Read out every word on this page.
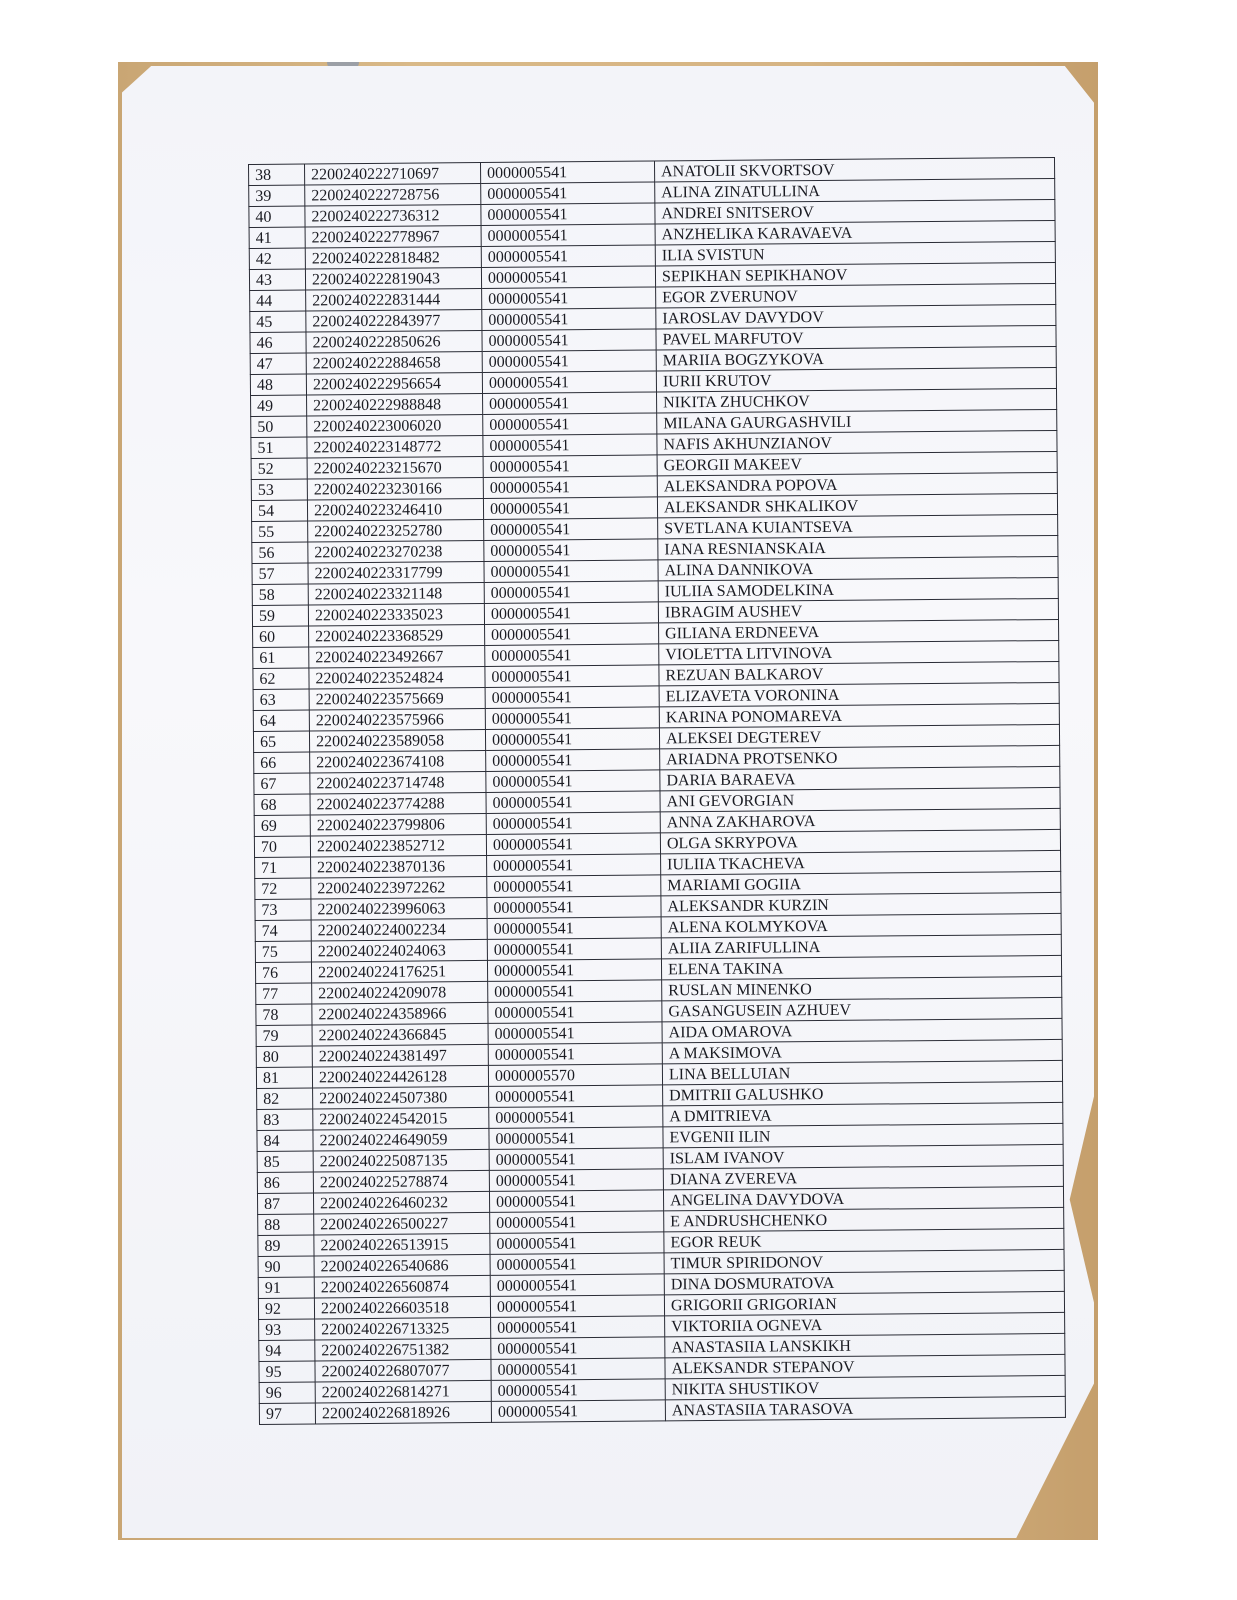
38	2200240222710697	0000005541	ANATOLII SKVORTSOV
39	2200240222728756	0000005541	ALINA ZINATULLINA
40	2200240222736312	0000005541	ANDREI SNITSEROV
41	2200240222778967	0000005541	ANZHELIKA KARAVAEVA
42	2200240222818482	0000005541	ILIA SVISTUN
43	2200240222819043	0000005541	SEPIKHAN SEPIKHANOV
44	2200240222831444	0000005541	EGOR ZVERUNOV
45	2200240222843977	0000005541	IAROSLAV DAVYDOV
46	2200240222850626	0000005541	PAVEL MARFUTOV
47	2200240222884658	0000005541	MARIIA BOGZYKOVA
48	2200240222956654	0000005541	IURII KRUTOV
49	2200240222988848	0000005541	NIKITA ZHUCHKOV
50	2200240223006020	0000005541	MILANA GAURGASHVILI
51	2200240223148772	0000005541	NAFIS AKHUNZIANOV
52	2200240223215670	0000005541	GEORGII MAKEEV
53	2200240223230166	0000005541	ALEKSANDRA POPOVA
54	2200240223246410	0000005541	ALEKSANDR SHKALIKOV
55	2200240223252780	0000005541	SVETLANA KUIANTSEVA
56	2200240223270238	0000005541	IANA RESNIANSKAIA
57	2200240223317799	0000005541	ALINA DANNIKOVA
58	2200240223321148	0000005541	IULIIA SAMODELKINA
59	2200240223335023	0000005541	IBRAGIM AUSHEV
60	2200240223368529	0000005541	GILIANA ERDNEEVA
61	2200240223492667	0000005541	VIOLETTA LITVINOVA
62	2200240223524824	0000005541	REZUAN BALKAROV
63	2200240223575669	0000005541	ELIZAVETA VORONINA
64	2200240223575966	0000005541	KARINA PONOMAREVA
65	2200240223589058	0000005541	ALEKSEI DEGTEREV
66	2200240223674108	0000005541	ARIADNA PROTSENKO
67	2200240223714748	0000005541	DARIA BARAEVA
68	2200240223774288	0000005541	ANI GEVORGIAN
69	2200240223799806	0000005541	ANNA ZAKHAROVA
70	2200240223852712	0000005541	OLGA SKRYPOVA
71	2200240223870136	0000005541	IULIIA TKACHEVA
72	2200240223972262	0000005541	MARIAMI GOGIIA
73	2200240223996063	0000005541	ALEKSANDR KURZIN
74	2200240224002234	0000005541	ALENA KOLMYKOVA
75	2200240224024063	0000005541	ALIIA ZARIFULLINA
76	2200240224176251	0000005541	ELENA TAKINA
77	2200240224209078	0000005541	RUSLAN MINENKO
78	2200240224358966	0000005541	GASANGUSEIN AZHUEV
79	2200240224366845	0000005541	AIDA OMAROVA
80	2200240224381497	0000005541	A MAKSIMOVA
81	2200240224426128	0000005570	LINA BELLUIAN
82	2200240224507380	0000005541	DMITRII GALUSHKO
83	2200240224542015	0000005541	A DMITRIEVA
84	2200240224649059	0000005541	EVGENII ILIN
85	2200240225087135	0000005541	ISLAM IVANOV
86	2200240225278874	0000005541	DIANA ZVEREVA
87	2200240226460232	0000005541	ANGELINA DAVYDOVA
88	2200240226500227	0000005541	E ANDRUSHCHENKO
89	2200240226513915	0000005541	EGOR REUK
90	2200240226540686	0000005541	TIMUR SPIRIDONOV
91	2200240226560874	0000005541	DINA DOSMURATOVA
92	2200240226603518	0000005541	GRIGORII GRIGORIAN
93	2200240226713325	0000005541	VIKTORIIA OGNEVA
94	2200240226751382	0000005541	ANASTASIIA LANSKIKH
95	2200240226807077	0000005541	ALEKSANDR STEPANOV
96	2200240226814271	0000005541	NIKITA SHUSTIKOV
97	2200240226818926	0000005541	ANASTASIIA TARASOVA
